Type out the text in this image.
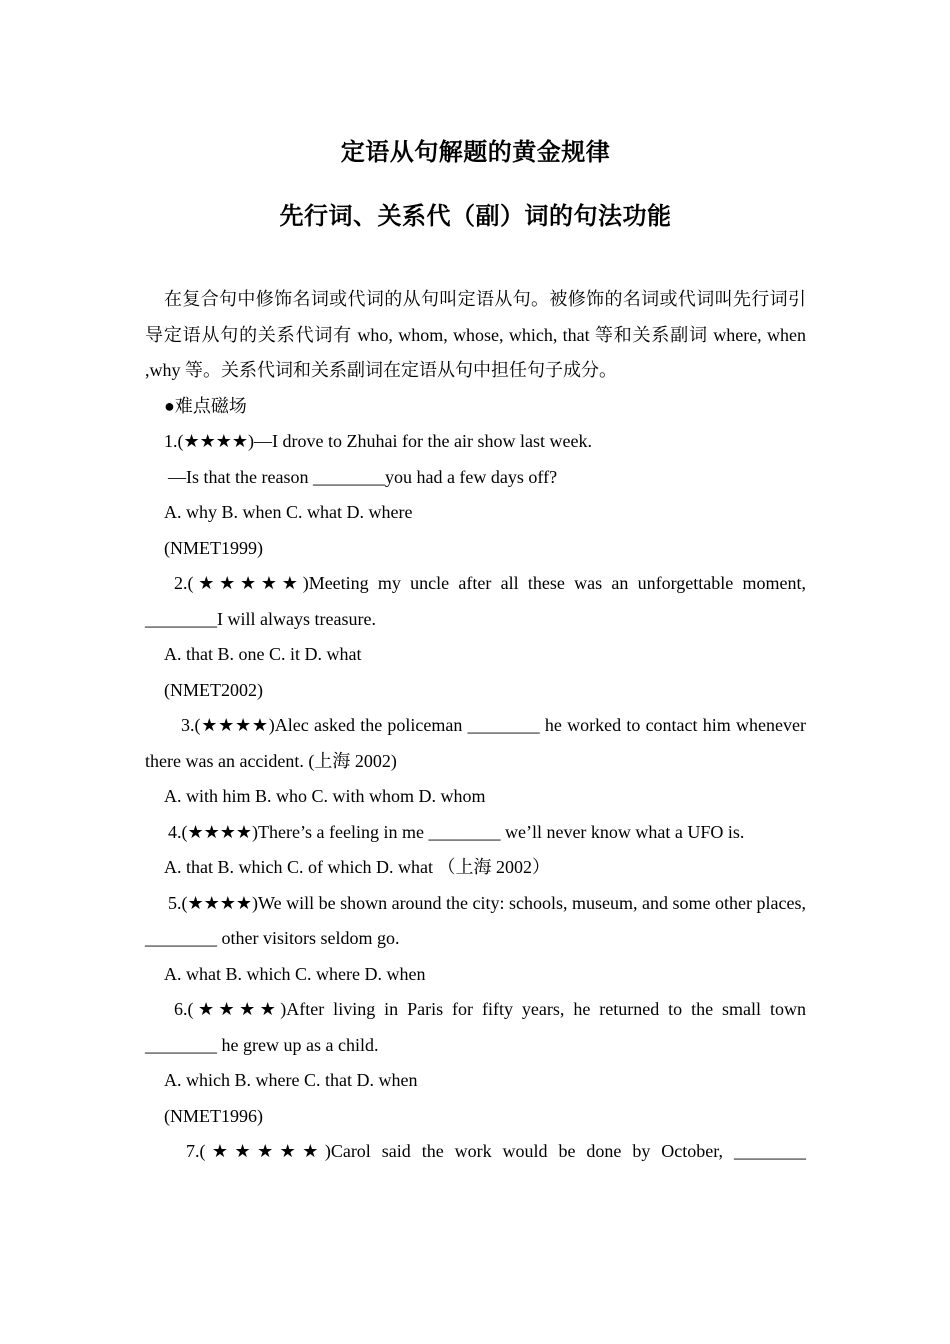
定语从句解题的黄金规律
先行词、关系代（副）词的句法功能

在复合句中修饰名词或代词的从句叫定语从句。被修饰的名词或代词叫先行词引导定语从句的关系代词有 who, whom, whose, which, that 等和关系副词 where, when ,why 等。关系代词和关系副词在定语从句中担任句子成分。

●难点磁场

1.(★★★★)—I drove to Zhuhai for the air show last week.

—Is that the reason ________you had a few days off?

A. why B. when C. what D. where

(NMET1999)

2.(★★★★★)Meeting my uncle after all these was an unforgettable moment, ________I will always treasure.

A. that B. one C. it D. what

(NMET2002)

3.(★★★★)Alec asked the policeman ________ he worked to contact him whenever there was an accident. (上海 2002)

A. with him B. who C. with whom D. whom

4.(★★★★)There’s a feeling in me ________ we’ll never know what a UFO is.

A. that B. which C. of which D. what （上海 2002）

5.(★★★★)We will be shown around the city: schools, museum, and some other places, ________ other visitors seldom go.

A. what B. which C. where D. when

6.(★★★★)After living in Paris for fifty years, he returned to the small town ________ he grew up as a child.

A. which B. where C. that D. when

(NMET1996)

7.(★★★★★)Carol said the work would be done by October, ________
